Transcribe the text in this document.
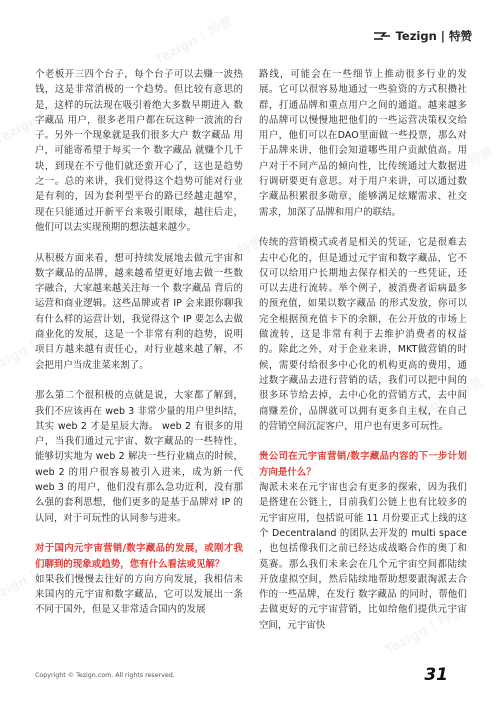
Tezign | 特赞

个老板开三四个台子，每个台子可以去赚一波热钱，这是非常消极的一个趋势。但比较有意思的是，这样的玩法现在吸引着绝大多数早期进入 数字藏品 用户，很多老用户都在玩这种一波流的台子。另外一个现象就是我们很多大户 数字藏品 用户，可能寄希望于每买一个 数字藏品 就赚个几千块，到现在不亏他们就还蛮开心了，这也是趋势之一。总的来讲，我们觉得这个趋势可能对行业是有利的，因为套利型平台的路已经越走越窄，现在只能通过开新平台来吸引眼球，越往后走，他们可以去实现预期的想法越来越少。

从积极方面来看，想可持续发展地去做元宇宙和数字藏品的品牌，越来越希望更好地去做一些数字融合，大家越来越关注每一个 数字藏品 背后的运营和商业逻辑。这些品牌或者 IP 会来跟你聊我有什么样的运营计划，我觉得这个 IP 要怎么去做商业化的发展，这是一个非常有利的趋势，说明项目方越来越有责任心，对行业越来越了解，不会把用户当成韭菜来割了。

那么第二个很积极的点就是说，大家都了解到，我们不应该再在 web 3 非常少量的用户里纠结，其实 web 2 才是星辰大海。 web 2 有很多的用户，当我们通过元宇宙、数字藏品的一些特性，能够切实地为 web 2 解决一些行业痛点的时候，web 2 的用户很容易被引入进来，成为新一代 web 3 的用户，他们没有那么急功近利，没有那么强的套利思想，他们更多的是基于品牌对 IP 的认同，对于可玩性的认同参与进来。

对于国内元宇宙营销/数字藏品的发展，或刚才我们聊到的现象或趋势，您有什么看法或见解？

如果我们慢慢去往好的方向方向发展，我相信未来国内的元宇宙和数字藏品，它可以发展出一条不同于国外，但是又非常适合国内的发展

路线，可能会在一些细节上推动很多行业的发展。它可以很容易地通过一些验资的方式积攒社群，打通品牌和重点用户之间的通道。越来越多的品牌可以慢慢地把他们的一些运营决策权交给用户，他们可以在DAO里面做一些投票，那么对于品牌来讲，他们会知道哪些用户贡献值高。用户对于不同产品的倾向性，比传统通过大数据进行调研要更有意思。对于用户来讲，可以通过数字藏品积累很多勋章，能够满足炫耀需求、社交需求，加深了品牌和用户的联结。

传统的营销模式或者是相关的凭证，它是很难去去中心化的，但是通过元宇宙和数字藏品，它不仅可以给用户长期地去保存相关的一些凭证，还可以去进行流转。举个例子，被消费者诟病最多的预充值，如果以数字藏品 的形式发放，你可以完全根据预充值卡下的余额，在公开放的市场上做流转，这是非常有利于去维护消费者的权益的。除此之外，对于企业来讲，MKT做营销的时候，需要付给很多中心化的机构更高的费用，通过数字藏品去进行营销的话，我们可以把中间的很多环节给去掉，去中心化的营销方式，去中间商赚差价，品牌就可以拥有更多自主权，在自己的营销空间沉淀客户，用户也有更多可玩性。

贵公司在元宇宙营销/数字藏品内容的下一步计划方向是什么？

淘派未来在元宇宙也会有更多的探索，因为我们是搭建在公链上，目前我们公链上也有比较多的元宇宙应用，包括说可能 11 月份要正式上线的这个 Decentraland 的团队去开发的 multi space ，也包括像我们之前已经达成战略合作的奥丁和莫赛。那么我们未来会在几个元宇宙空间都陆续开放虚拟空间，然后陆续地帮助想要跟淘派去合作的一些品牌，在发行 数字藏品 的同时，帮他们去做更好的元宇宙营销，比如给他们提供元宇宙空间，元宇宙快

Copyright © Tezign.com. All rights reserved.	31
